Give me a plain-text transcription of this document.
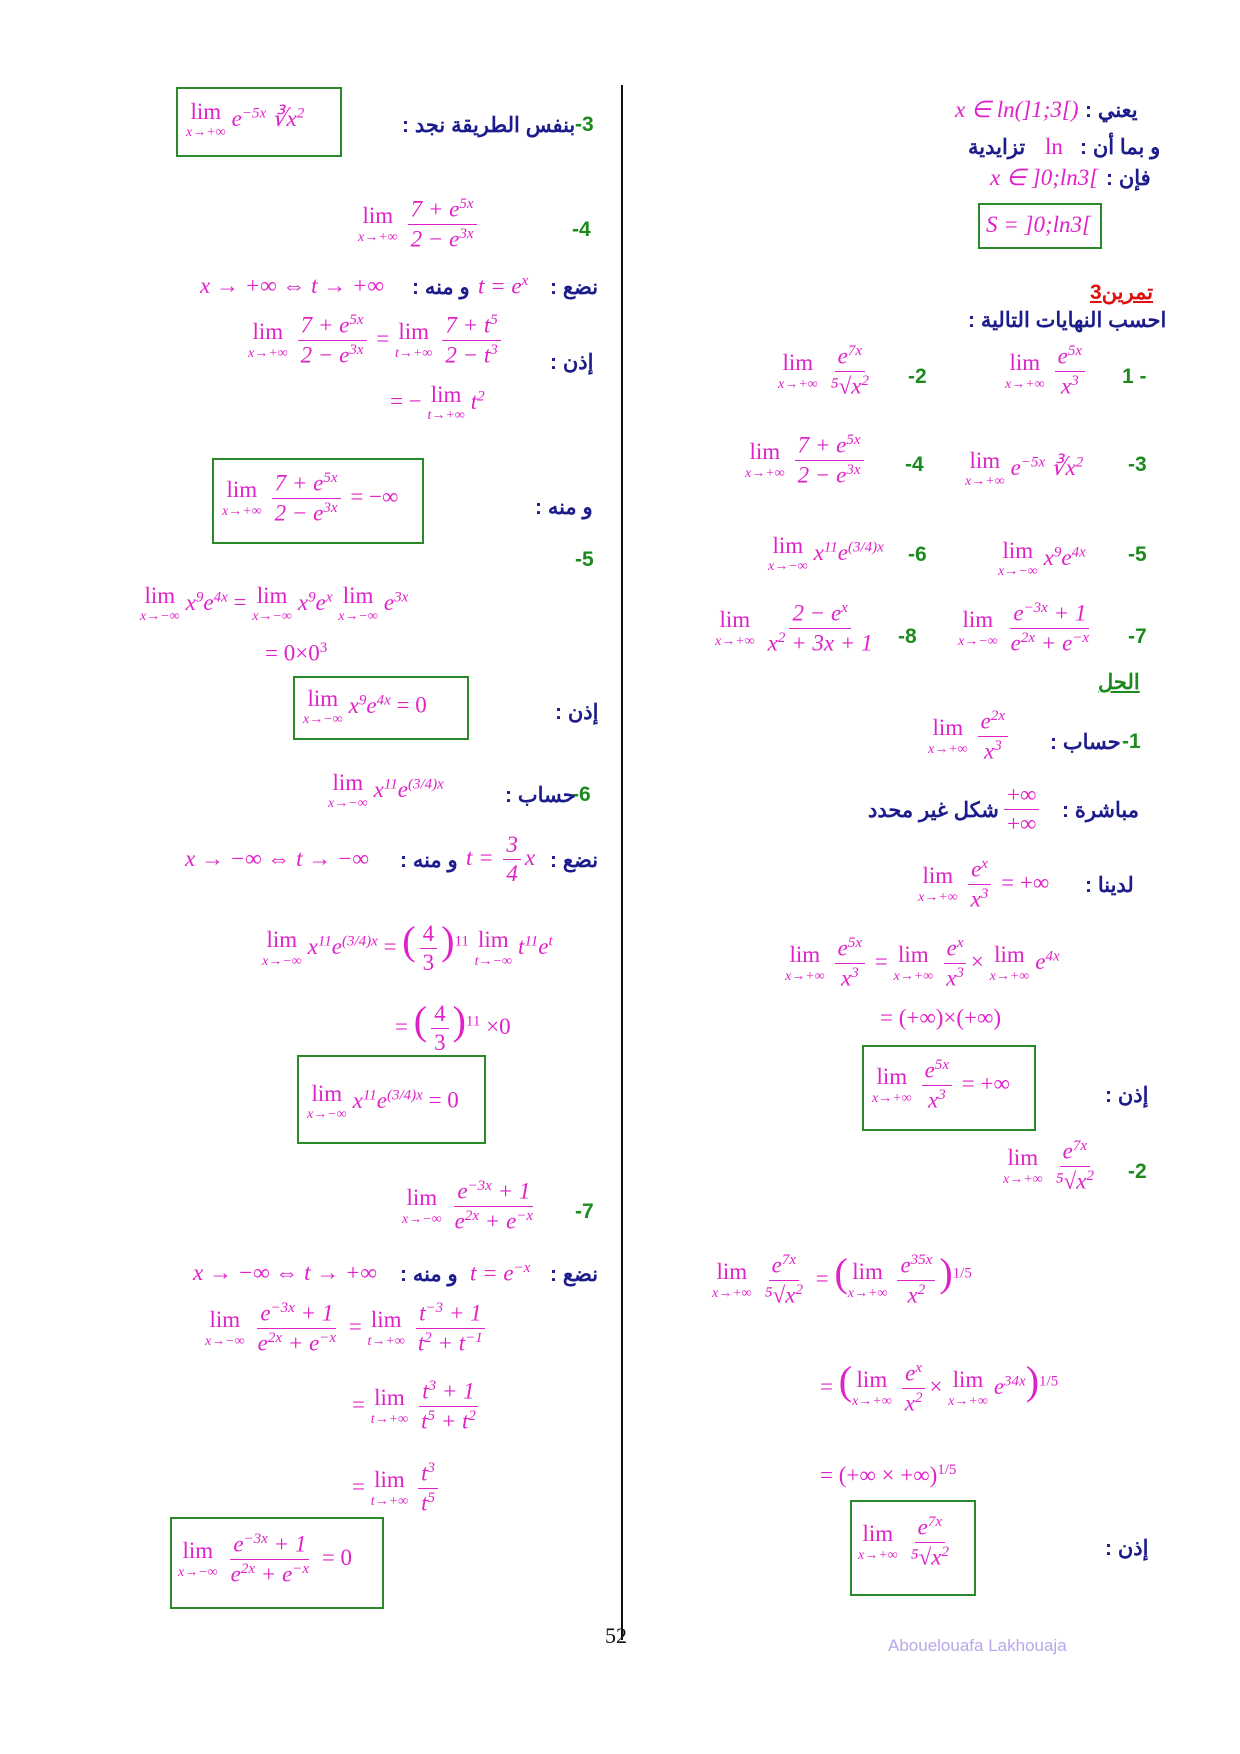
يعني :
x ∈ ln(]1;3[)
و بما أن :
ln
تزايدية
فإن :
x ∈ ]0;ln3[
S = ]0;ln3[
تمرين3
احسب النهايات التالية :
1 -
lim
$x\to+\infty \frac{e^{5x}}{x^3}$
-2
lim
$x\to+\infty \frac{e^{7x}}{^5√x^2}$
-3
lim
x→+∞
$e^{-5x}$ $∛x^2$
-4
lim
$x\to+\infty \frac{7 + e^{5x}}{2 - e^{3x}}$
-5
lim
x→−∞
$x^9e^{4x}$
-6
lim
x→−∞
$x^{11}e^{(3/4)x}$
-7
lim
$x\to-\infty \frac{e^{-3x} + 1}{e^{2x} + e^{-x}}$
-8
lim
$x\to+\infty \frac{2 - e^x}{x^2 + 3x + 1}$
الحل
-1
حساب :
lim
$x\to+\infty \frac{e^{2x}}{x^3}$
مباشرة :
$\frac{+\infty}{+\infty}$
شكل غير محدد
لدينا :
lim
$x\to+\infty \frac{e^x}{x^3}$ = +∞
lim
$x\to+\infty \frac{e^{5x}}{x^3} = \lim$
$x\to+\infty \frac{e^x}{x^3} \times \lim$
x→+∞
$e^{4x}$
= (+∞)×(+∞)
إذن :
lim
$x\to+\infty \frac{e^{5x}}{x^3}$ = +∞
-2
lim
$x\to+\infty \frac{e^{7x}}{^5√x^2}$
lim
$x\to+\infty \frac{e^{7x}}{^5√x^2}$ = ( lim
$x\to+\infty \frac{e^{35x}}{x^2} )^{1/5}$
= ( lim
$x\to+\infty \frac{e^x}{x^2} \times \lim$
x→+∞
$e^{34x})^{1/5}$
= (+∞ × +∞)$^{1/5}$
إذن :
lim
$x\to+\infty \frac{e^{7x}}{^5√x^2}$
-3
بنفس الطريقة نجد :
lim
x→+∞
$e^{-5x}$ $∛x^2$
-4
lim
$x\to+\infty \frac{7 + e^{5x}}{2 - e^{3x}}$
نضع :
$t = e^x$
و منه :
x → +∞ ⇔ t → +∞
إذن :
lim
$x\to+\infty \frac{7 + e^{5x}}{2 - e^{3x}} = \lim$
$t\to+\infty \frac{7 + t^5}{2 - t^3}$
= − lim
t→+∞
$t^2$
و منه :
lim
$x\to+\infty \frac{7 + e^{5x}}{2 - e^{3x}}$ = −∞
-5
lim
x→−∞
$x^9e^{4x} = \lim$
x→−∞
$x^9e^x$ lim
x→−∞
$e^{3x}$
= $0\times 0^3$
إذن :
lim
x→−∞
$x^9e^{4x} = 0$
-6
حساب :
lim
x→−∞
$x^{11}e^{(3/4)x}$
نضع :
$t = \frac{3}{4}$ x
و منه :
x → −∞ ⇔ t → −∞
lim
x→−∞
$x^{11}e^{(3/4)x}$ = ( $\frac{4}{3} )^{11}$ lim
t→−∞
$t^{11}e^t$
= ( $\frac{4}{3} )^{11} \times 0$
lim
x→−∞
$x^{11}e^{(3/4)x} = 0$
-7
lim
$x\to-\infty \frac{e^{-3x} + 1}{e^{2x} + e^{-x}}$
نضع :
$t = e^{-x}$
و منه :
x → −∞ ⇔ t → +∞
lim
$x\to-\infty \frac{e^{-3x} + 1}{e^{2x} + e^{-x}} = \lim$
$t\to+\infty \frac{t^{-3} + 1}{t^2 + t^{-1}}$
= lim
$t\to+\infty \frac{t^3 + 1}{t^5 + t^2}$
= lim
$t\to+\infty \frac{t^3}{t^5}$
lim
$x\to-\infty \frac{e^{-3x} + 1}{e^{2x} + e^{-x}} = 0$
52	Abouelouafa Lakhouaja
